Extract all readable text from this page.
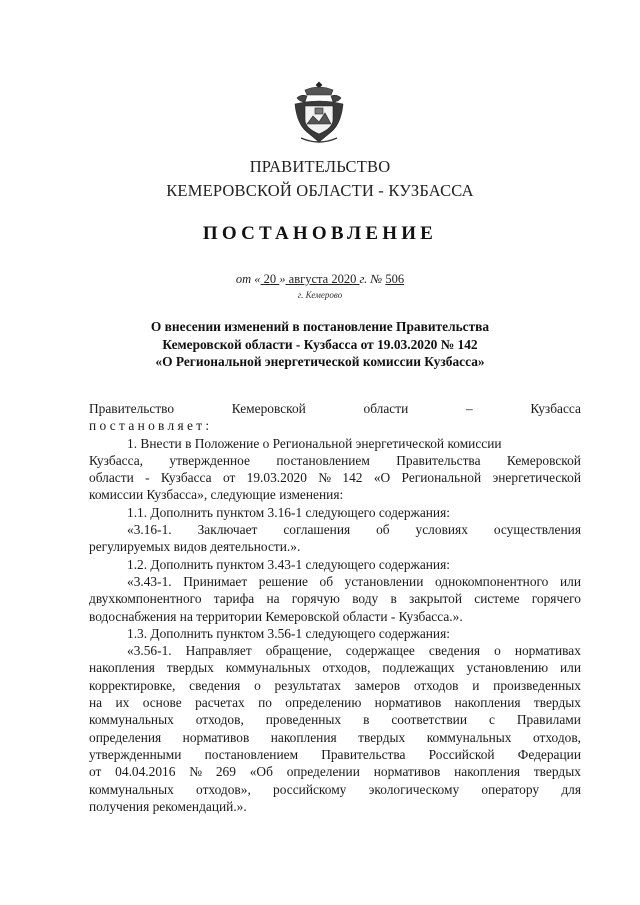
ПРАВИТЕЛЬСТВО
КЕМЕРОВСКОЙ ОБЛАСТИ - КУЗБАССА
ПОСТАНОВЛЕНИЕ
от « 20 » августа 2020 г. № 506
г. Кемерово
О внесении изменений в постановление Правительства
Кемеровской области - Кузбасса от 19.03.2020 № 142
«О Региональной энергетической комиссии Кузбасса»
Правительство	Кемеровской	области	–	Кузбасса
постановляет:
1. Внести в Положение о Региональной энергетической комиссии
Кузбасса, утвержденное постановлением Правительства Кемеровской
области - Кузбасса от 19.03.2020 № 142 «О Региональной энергетической
комиссии Кузбасса», следующие изменения:
1.1. Дополнить пунктом 3.16-1 следующего содержания:
«3.16-1. Заключает соглашения об условиях осуществления
регулируемых видов деятельности.».
1.2. Дополнить пунктом 3.43-1 следующего содержания:
«3.43-1. Принимает решение об установлении однокомпонентного или
двухкомпонентного тарифа на горячую воду в закрытой системе горячего
водоснабжения на территории Кемеровской области - Кузбасса.».
1.3. Дополнить пунктом 3.56-1 следующего содержания:
«3.56-1. Направляет обращение, содержащее сведения о нормативах
накопления твердых коммунальных отходов, подлежащих установлению или
корректировке, сведения о результатах замеров отходов и произведенных
на их основе расчетах по определению нормативов накопления твердых
коммунальных отходов, проведенных в соответствии с Правилами
определения нормативов накопления твердых коммунальных отходов,
утвержденными постановлением Правительства Российской Федерации
от 04.04.2016 № 269 «Об определении нормативов накопления твердых
коммунальных отходов», российскому экологическому оператору для
получения рекомендаций.».
